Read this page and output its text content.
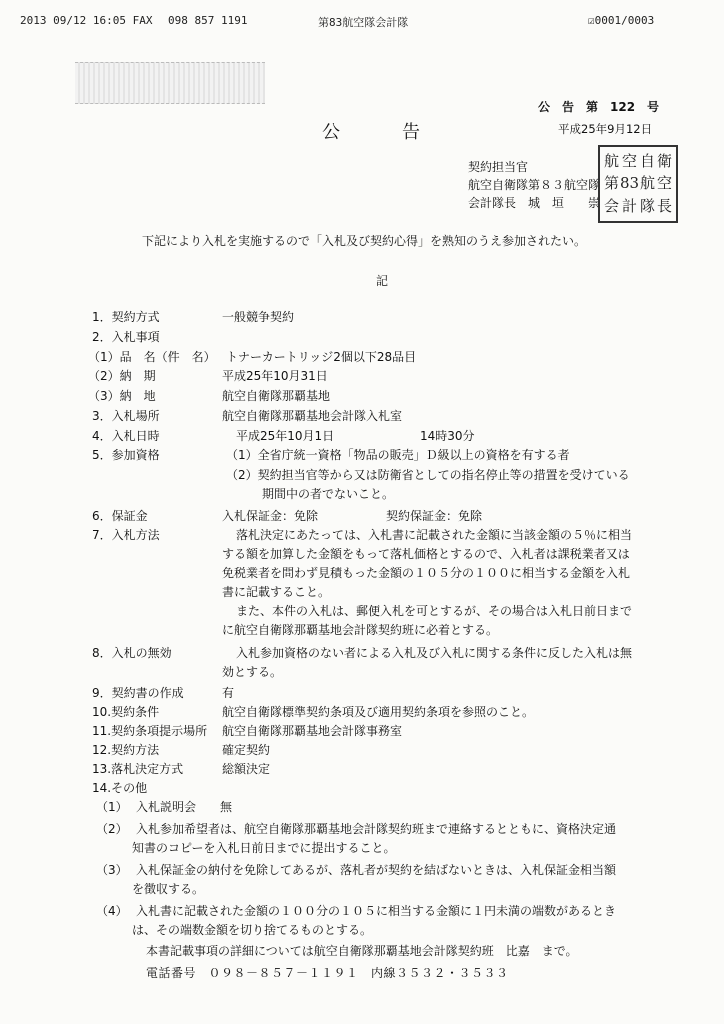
2013 09/12 16:05 FAX 098 857 1191	第83航空隊会計隊	☑0001/0003
公　告　第　122　号
公　　　告	平成25年9月12日
契約担当官
航空自衛隊第８３航空隊
会計隊長　城　垣　　崇
航 空 自 衛
第 83 航 空
会 計 隊 長
下記により入札を実施するので「入札及び契約心得」を熟知のうえ参加されたい。
記
1．契約方式	一般競争契約
2．入札事項
（1）品　名（件　名） トナーカートリッジ2個以下28品目
（2）納　期	平成25年10月31日
（3）納　地	航空自衛隊那覇基地
3．入札場所	航空自衛隊那覇基地会計隊入札室
4．入札日時	平成25年10月1日	14時30分
5．参加資格	（1）全省庁統一資格「物品の販売」Ｄ級以上の資格を有する者
（2）契約担当官等から又は防衛省としての指名停止等の措置を受けている
期間中の者でないこと。
6．保証金	入札保証金：免除	契約保証金：免除
7．入札方法	落札決定にあたっては、入札書に記載された金額に当該金額の５％に相当
する額を加算した金額をもって落札価格とするので、入札者は課税業者又は
免税業者を問わず見積もった金額の１０５分の１００に相当する金額を入札
書に記載すること。
また、本件の入札は、郵便入札を可とするが、その場合は入札日前日まで
に航空自衛隊那覇基地会計隊契約班に必着とする。
8．入札の無効	入札参加資格のない者による入札及び入札に関する条件に反した入札は無
効とする。
9．契約書の作成	有
10.契約条件	航空自衛隊標準契約条項及び適用契約条項を参照のこと。
11.契約条項提示場所 航空自衛隊那覇基地会計隊事務室
12.契約方法	確定契約
13.落札決定方式	総額決定
14.その他
（1） 入札説明会　　無
（2） 入札参加希望者は、航空自衛隊那覇基地会計隊契約班まで連絡するとともに、資格決定通
知書のコピーを入札日前日までに提出すること。
（3） 入札保証金の納付を免除してあるが、落札者が契約を結ばないときは、入札保証金相当額
を徴収する。
（4） 入札書に記載された金額の１００分の１０５に相当する金額に１円未満の端数があるとき
は、その端数金額を切り捨てるものとする。
本書記載事項の詳細については航空自衛隊那覇基地会計隊契約班　比嘉　まで。
電話番号　０９８－８５７－１１９１　内線３５３２・３５３３
